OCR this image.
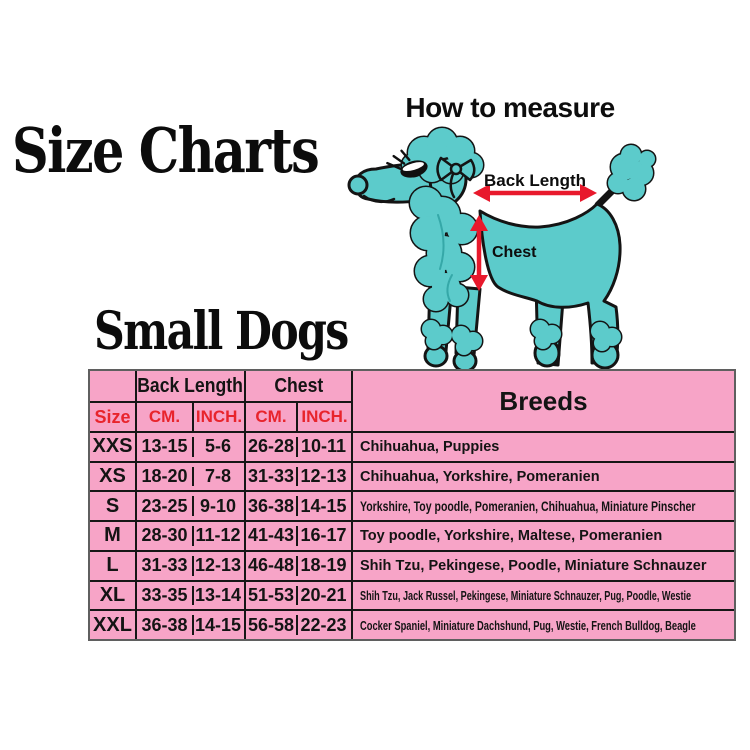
Size Charts
How to measure
Small Dogs
Back Length
Chest
Back Length Chest	Breeds
Size	CM. INCH. CM. INCH.
XXS 13-15 5-6 26-28 10-11 Chihuahua, Puppies
XS 18-20 7-8 31-33 12-13 Chihuahua, Yorkshire, Pomeranien
S	23-25 9-10 36-38 14-15 Yorkshire, Toy poodle, Pomeranien, Chihuahua, Miniature Pinscher
M	28-30 11-12 41-43 16-17 Toy poodle, Yorkshire, Maltese, Pomeranien
L	31-33 12-13 46-48 18-19 Shih Tzu, Pekingese, Poodle, Miniature Schnauzer
XL 33-35 13-14 51-53 20-21	Shih Tzu, Jack Russel, Pekingese, Miniature Schnauzer, Pug, Poodle, Westie
XXL 36-38 14-15 56-58 22-23	Cocker Spaniel, Miniature Dachshund, Pug, Westie, French Bulldog, Beagle
